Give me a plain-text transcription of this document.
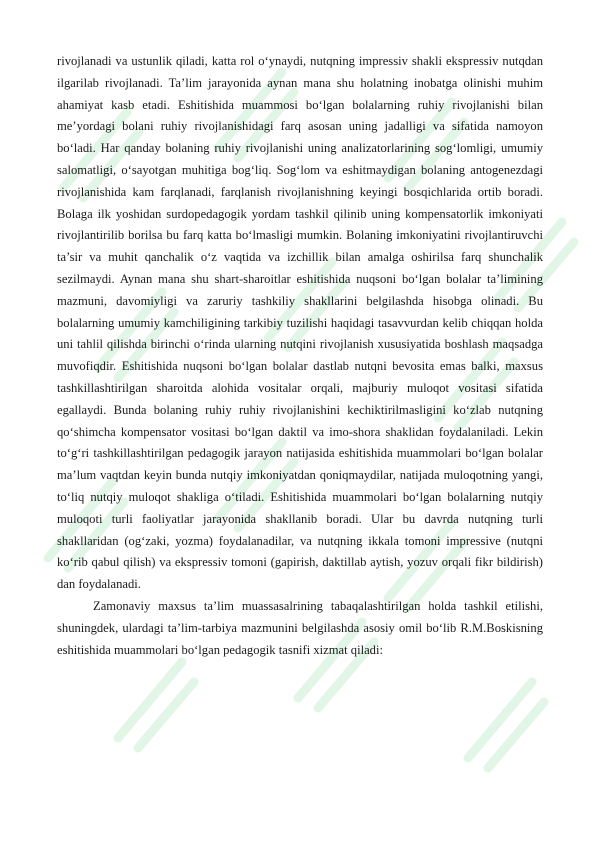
rivojlanadi va ustunlik qiladi, katta rol o‘ynaydi, nutqning impressiv shakli ekspressiv nutqdan ilgarilab rivojlanadi. Ta’lim jarayonida aynan mana shu holatning inobatga olinishi muhim ahamiyat kasb etadi. Eshitishida muammosi bo‘lgan bolalarning ruhiy rivojlanishi bilan me’yordagi bolani ruhiy rivojlanishidagi farq asosan uning jadalligi va sifatida namoyon bo‘ladi. Har qanday bolaning ruhiy rivojlanishi uning analizatorlarining sog‘lomligi, umumiy salomatligi, o‘sayotgan muhitiga bog‘liq. Sog‘lom va eshitmaydigan bolaning antogenezdagi rivojlanishida kam farqlanadi, farqlanish rivojlanishning keyingi bosqichlarida ortib boradi. Bolaga ilk yoshidan surdopedagogik yordam tashkil qilinib uning kompensatorlik imkoniyati rivojlantirilib borilsa bu farq katta bo‘lmasligi mumkin. Bolaning imkoniyatini rivojlantiruvchi ta’sir va muhit qanchalik o‘z vaqtida va izchillik bilan amalga oshirilsa farq shunchalik sezilmaydi. Aynan mana shu shart-sharoitlar eshitishida nuqsoni bo‘lgan bolalar ta’limining mazmuni, davomiyligi va zaruriy tashkiliy shakllarini belgilashda hisobga olinadi. Bu bolalarning umumiy kamchiligining tarkibiy tuzilishi haqidagi tasavvurdan kelib chiqqan holda uni tahlil qilishda birinchi o‘rinda ularning nutqini rivojlanish xususiyatida boshlash maqsadga muvofiqdir. Eshitishida nuqsoni bo‘lgan bolalar dastlab nutqni bevosita emas balki, maxsus tashkillashtirilgan sharoitda alohida vositalar orqali, majburiy muloqot vositasi sifatida egallaydi. Bunda bolaning ruhiy ruhiy rivojlanishini kechiktirilmasligini ko‘zlab nutqning qo‘shimcha kompensator vositasi bo‘lgan daktil va imo-shora shaklidan foydalaniladi. Lekin to‘g‘ri tashkillashtirilgan pedagogik jarayon natijasida eshitishida muammolari bo‘lgan bolalar ma’lum vaqtdan keyin bunda nutqiy imkoniyatdan qoniqmaydilar, natijada muloqotning yangi, to‘liq nutqiy muloqot shakliga o‘tiladi. Eshitishida muammolari bo‘lgan bolalarning nutqiy muloqoti turli faoliyatlar jarayonida shakllanib boradi. Ular bu davrda nutqning turli shakllaridan (og‘zaki, yozma) foydalanadilar, va nutqning ikkala tomoni impressive (nutqni ko‘rib qabul qilish) va ekspressiv tomoni (gapirish, daktillab aytish, yozuv orqali fikr bildirish) dan foydalanadi.

Zamonaviy maxsus ta’lim muassasalrining tabaqalashtirilgan holda tashkil etilishi, shuningdek, ulardagi ta’lim-tarbiya mazmunini belgilashda asosiy omil bo‘lib R.M.Boskisning eshitishida muammolari bo‘lgan pedagogik tasnifi xizmat qiladi:
